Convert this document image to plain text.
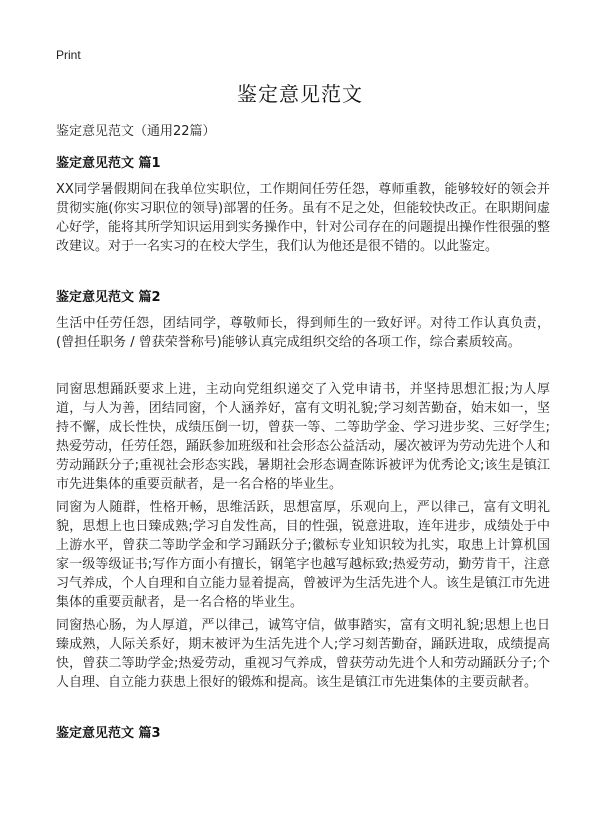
Print
鉴定意见范文
鉴定意见范文（通用22篇）
鉴定意见范文 篇1

XX同学暑假期间在我单位实职位，工作期间任劳任怨，尊师重教，能够较好的领会并贯彻实施(你实习职位的领导)部署的任务。虽有不足之处，但能较快改正。在职期间虚心好学，能将其所学知识运用到实务操作中，针对公司存在的问题提出操作性很强的整改建议。对于一名实习的在校大学生，我们认为他还是很不错的。以此鉴定。

鉴定意见范文 篇2

生活中任劳任怨，团结同学，尊敬师长，得到师生的一致好评。对待工作认真负责，(曾担任职务 / 曾获荣誉称号)能够认真完成组织交给的各项工作，综合素质较高。

同窗思想踊跃要求上进，主动向党组织递交了入党申请书，并坚持思想汇报;为人厚道，与人为善，团结同窗，个人涵养好，富有文明礼貌;学习刻苦勤奋，始末如一，坚持不懈，成长性快，成绩压倒一切，曾获一等、二等助学金、学习进步奖、三好学生;热爱劳动，任劳任怨，踊跃参加班级和社会形态公益活动，屡次被评为劳动先进个人和劳动踊跃分子;重视社会形态实践，暑期社会形态调查陈诉被评为优秀论文;该生是镇江市先进集体的重要贡献者，是一名合格的毕业生。

同窗为人随群，性格开畅，思维活跃，思想富厚，乐观向上，严以律己，富有文明礼貌，思想上也日臻成熟;学习自发性高，目的性强，锐意进取，连年进步，成绩处于中上游水平，曾获二等助学金和学习踊跃分子;徽标专业知识较为扎实，取患上计算机国家一级等级证书;写作方面小有擅长，钢笔字也越写越标致;热爱劳动，勤劳肯干，注意习气养成，个人自理和自立能力显着提高，曾被评为生活先进个人。该生是镇江市先进集体的重要贡献者，是一名合格的毕业生。

同窗热心肠，为人厚道，严以律己，诚笃守信，做事踏实，富有文明礼貌;思想上也日臻成熟，人际关系好，期末被评为生活先进个人;学习刻苦勤奋，踊跃进取，成绩提高快，曾获二等助学金;热爱劳动，重视习气养成，曾获劳动先进个人和劳动踊跃分子;个人自理、自立能力获患上很好的锻炼和提高。该生是镇江市先进集体的主要贡献者。

鉴定意见范文 篇3
